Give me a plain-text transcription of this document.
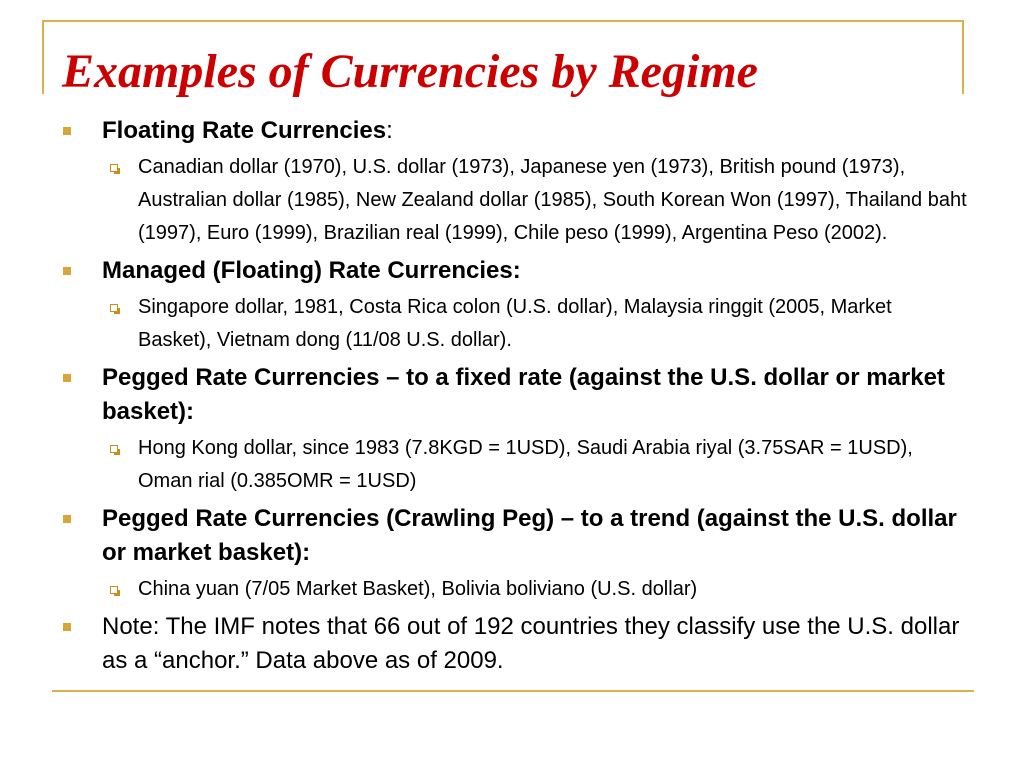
Examples of Currencies by Regime
Floating Rate Currencies:
Canadian dollar (1970), U.S. dollar (1973), Japanese yen (1973), British pound (1973), Australian dollar (1985), New Zealand dollar (1985), South Korean Won (1997), Thailand baht (1997), Euro (1999), Brazilian real (1999), Chile peso (1999), Argentina Peso (2002).
Managed (Floating) Rate Currencies:
Singapore dollar, 1981, Costa Rica colon (U.S. dollar), Malaysia ringgit (2005, Market Basket), Vietnam dong (11/08 U.S. dollar).
Pegged Rate Currencies – to a fixed rate (against the U.S. dollar or market basket):
Hong Kong dollar, since 1983 (7.8KGD = 1USD), Saudi Arabia riyal (3.75SAR = 1USD), Oman rial (0.385OMR = 1USD)
Pegged Rate Currencies (Crawling Peg) – to a trend (against the U.S. dollar or market basket):
China yuan (7/05 Market Basket), Bolivia boliviano (U.S. dollar)
Note: The IMF notes that 66 out of 192 countries they classify use the U.S. dollar as a “anchor.” Data above as of 2009.
